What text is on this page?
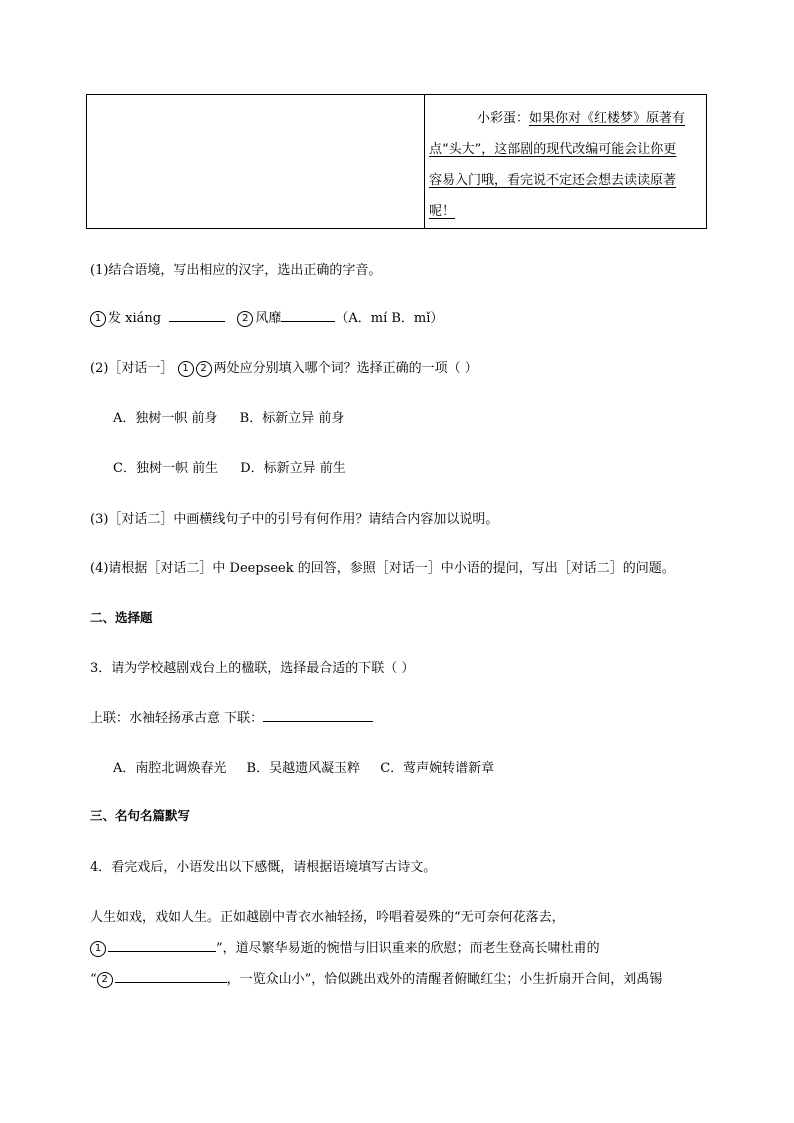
小彩蛋：如果你对《红楼梦》原著有
点“头大”，这部剧的现代改编可能会让你更
容易入门哦，看完说不定还会想去读读原著
呢！
(1)结合语境，写出相应的汉字，选出正确的字音。
1 发 xiáng	2 风靡	（A．mí B．mǐ）
(2)［对话一］ 1 2 两处应分别填入哪个词？选择正确的一项（ ）
A．独树一帜 前身 B．标新立异 前身
C．独树一帜 前生 D．标新立异 前生
(3)［对话二］中画横线句子中的引号有何作用？请结合内容加以说明。
(4)请根据［对话二］中 Deepseek 的回答，参照［对话一］中小语的提问，写出［对话二］的问题。
二、选择题
3．请为学校越剧戏台上的楹联，选择最合适的下联（ ）
上联：水袖轻扬承古意 下联：
A．南腔北调焕春光 B．吴越遗风凝玉粹 C．莺声婉转谱新章
三、名句名篇默写
4．看完戏后，小语发出以下感慨，请根据语境填写古诗文。
人生如戏，戏如人生。正如越剧中青衣水袖轻扬，吟唱着晏殊的“无可奈何花落去，
1	”，道尽繁华易逝的惋惜与旧识重来的欣慰；而老生登高长啸杜甫的
“ 2	，一览众山小”，恰似跳出戏外的清醒者俯瞰红尘；小生折扇开合间，刘禹锡
